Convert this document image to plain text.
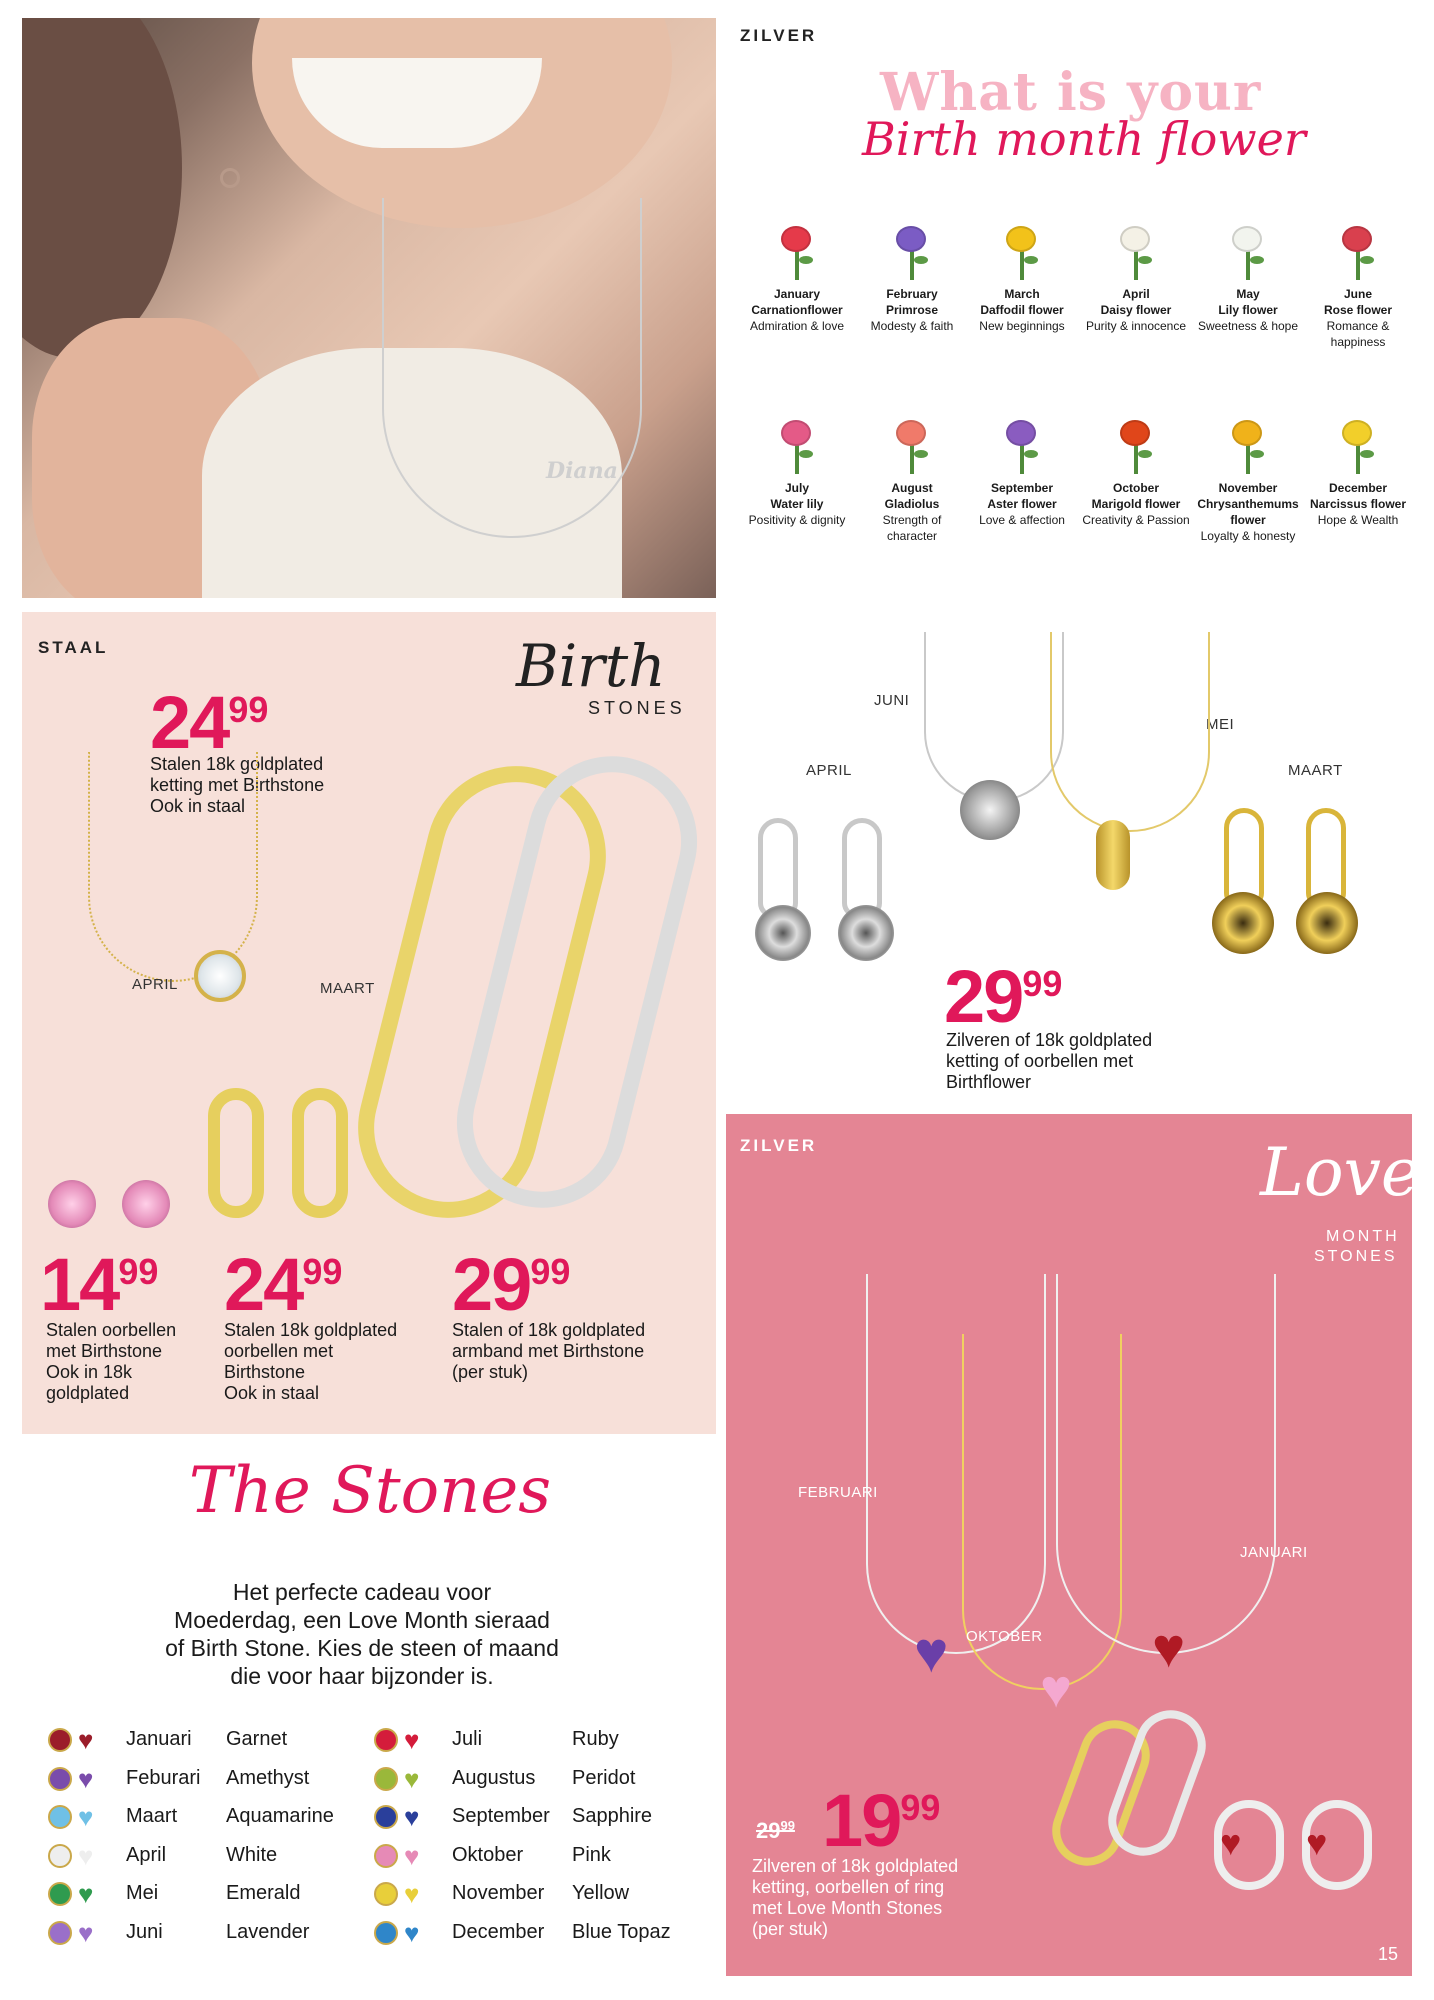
Diana
ZILVER
What is your
Birth month flower
January
Carnationflower
Admiration & love
February
Primrose
Modesty & faith
March
Daffodil flower
New beginnings
April
Daisy flower
Purity & innocence
May
Lily flower
Sweetness & hope
June
Rose flower
Romance & happiness
July
Water lily
Positivity & dignity
August
Gladiolus
Strength of character
September
Aster flower
Love & affection
October
Marigold flower
Creativity & Passion
November
Chrysanthemums flower
Loyalty & honesty
December
Narcissus flower
Hope & Wealth
JUNI
MEI
APRIL	MAART
2999
Zilveren of 18k goldplated
ketting of oorbellen met
Birthflower
STAAL	Birth
STONES
2499
Stalen 18k goldplated
ketting met Birthstone
Ook in staal
APRIL	MAART
1499
Stalen oorbellen
met Birthstone
Ook in 18k
goldplated
2499
Stalen 18k goldplated
oorbellen met
Birthstone
Ook in staal
2999
Stalen of 18k goldplated
armband met Birthstone
(per stuk)
The Stones
Het perfecte cadeau voor
Moederdag, een Love Month sieraad
of Birth Stone. Kies de steen of maand
die voor haar bijzonder is.
♥	Januari Garnet
♥	Feburari Amethyst
♥	Maart Aquamarine
♥	April	White
♥	Mei	Emerald
♥	Juni	Lavender
♥	Juli	Ruby
♥	Augustus Peridot
♥	September Sapphire
♥	Oktober Pink
♥	November Yellow
♥	December Blue Topaz
ZILVER	Love
MONTH
STONES
♥
♥
♥
FEBRUARI
JANUARI
OKTOBER
♥ ♥
$29^{99}$ 1999
Zilveren of 18k goldplated
ketting, oorbellen of ring
met Love Month Stones
(per stuk)
15
